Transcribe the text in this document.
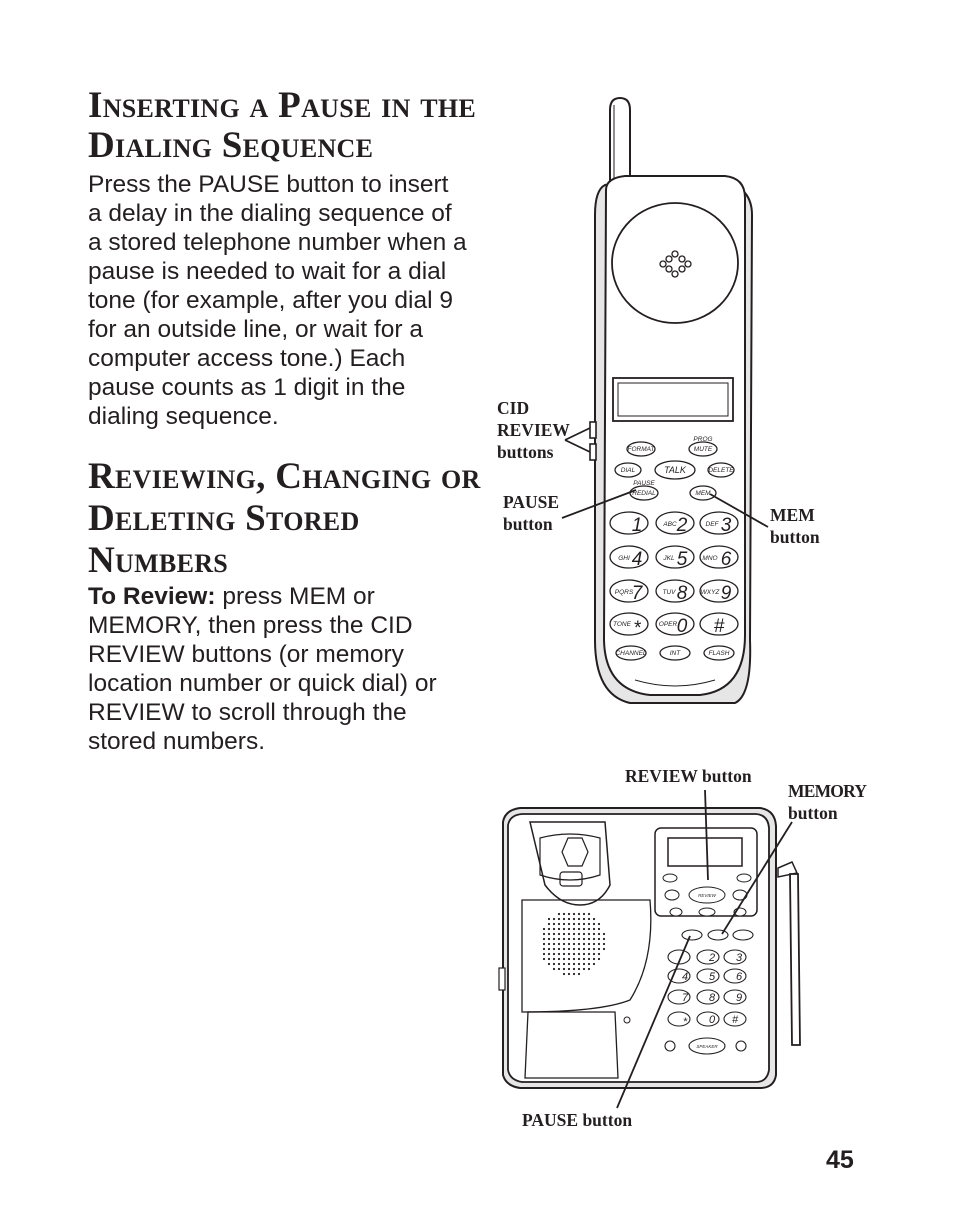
Inserting a Pause in the
Dialing Sequence

Press the PAUSE button to insert a delay in the dialing sequence of a stored telephone number when a pause is needed to wait for a dial tone (for example, after you dial 9 for an outside line, or wait for a computer access tone.) Each pause counts as 1 digit in the dialing sequence.

Reviewing, Changing or
Deleting Stored
Numbers

To Review: press MEM or MEMORY, then press the CID REVIEW buttons (or memory location number or quick dial) or REVIEW to scroll through the stored numbers.

FORMAT
PROG
MUTE
DIAL	TALK	DELETE
PAUSE
REDIAL	MEM
TONE	OPER
CHANNEL	INT	FLASH
ABC	DEF
GHI	JKL	MNO
PQRS	TUV	WXYZ
1 2 3
4 5 6
7 8 9
* 0 #
REVIEW
SPEAKER
4
2 3
5 6
7 8 9
* 0 #
CID
REVIEW
buttons
PAUSE
button	MEM
button
REVIEW button
MEMORY
button
PAUSE button
45
